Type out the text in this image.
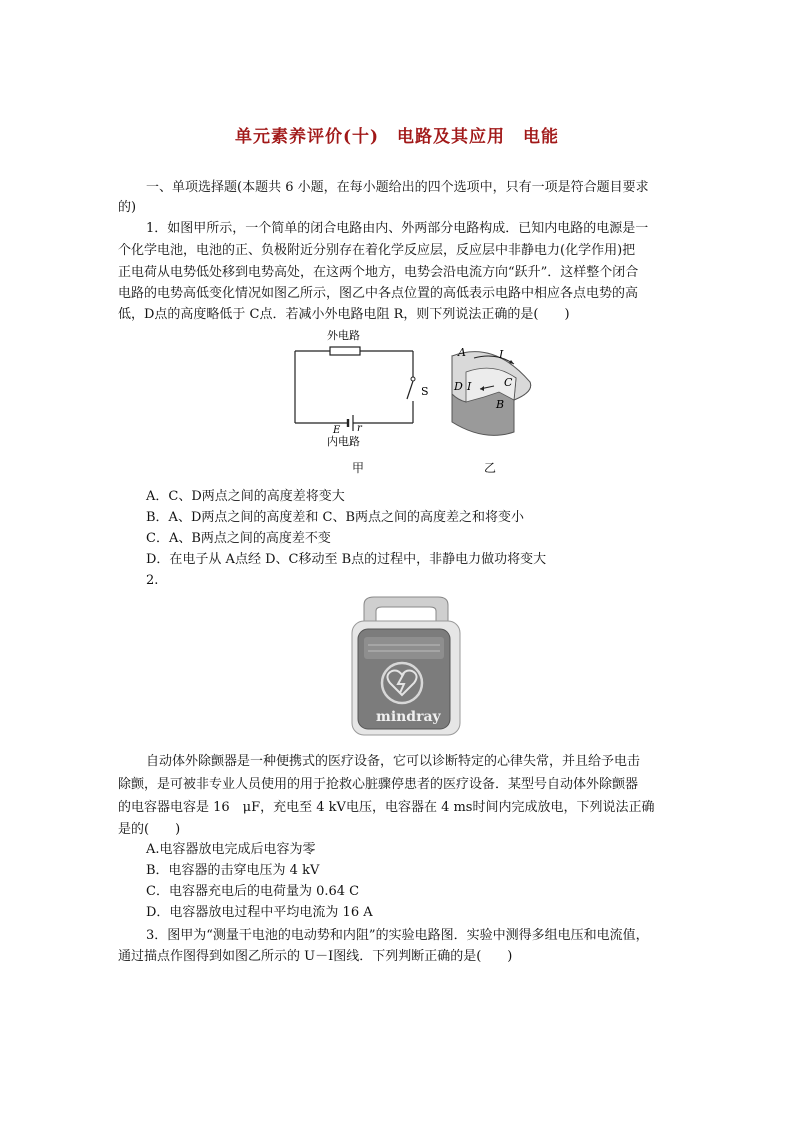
单元素养评价(十)　电路及其应用　电能
一、单项选择题(本题共 6 小题，在每小题给出的四个选项中，只有一项是符合题目要求
的)
1．如图甲所示，一个简单的闭合电路由内、外两部分电路构成．已知内电路的电源是一
个化学电池，电池的正、负极附近分别存在着化学反应层，反应层中非静电力(化学作用)把
正电荷从电势低处移到电势高处，在这两个地方，电势会沿电流方向“跃升”．这样整个闭合
电路的电势高低变化情况如图乙所示，图乙中各点位置的高低表示电路中相应各点电势的高
低，D点的高度略低于 C点．若减小外电路电阻 R，则下列说法正确的是(　　)
外电路
S
E r
内电路
甲
A	I
D I	C
B
乙
A．C、D两点之间的高度差将变大
B．A、D两点之间的高度差和 C、B两点之间的高度差之和将变小
C．A、B两点之间的高度差不变
D．在电子从 A点经 D、C移动至 B点的过程中，非静电力做功将变大
2.
mindray
自动体外除颤器是一种便携式的医疗设备，它可以诊断特定的心律失常，并且给予电击
除颤，是可被非专业人员使用的用于抢救心脏骤停患者的医疗设备．某型号自动体外除颤器
的电容器电容是 16　μF，充电至 4 kV电压，电容器在 4 ms时间内完成放电，下列说法正确
是的(　　)
A.电容器放电完成后电容为零
B．电容器的击穿电压为 4 kV
C．电容器充电后的电荷量为 0.64 C
D．电容器放电过程中平均电流为 16 A
3．图甲为“测量干电池的电动势和内阻”的实验电路图．实验中测得多组电压和电流值，
通过描点作图得到如图乙所示的 U－I图线．下列判断正确的是(　　)
